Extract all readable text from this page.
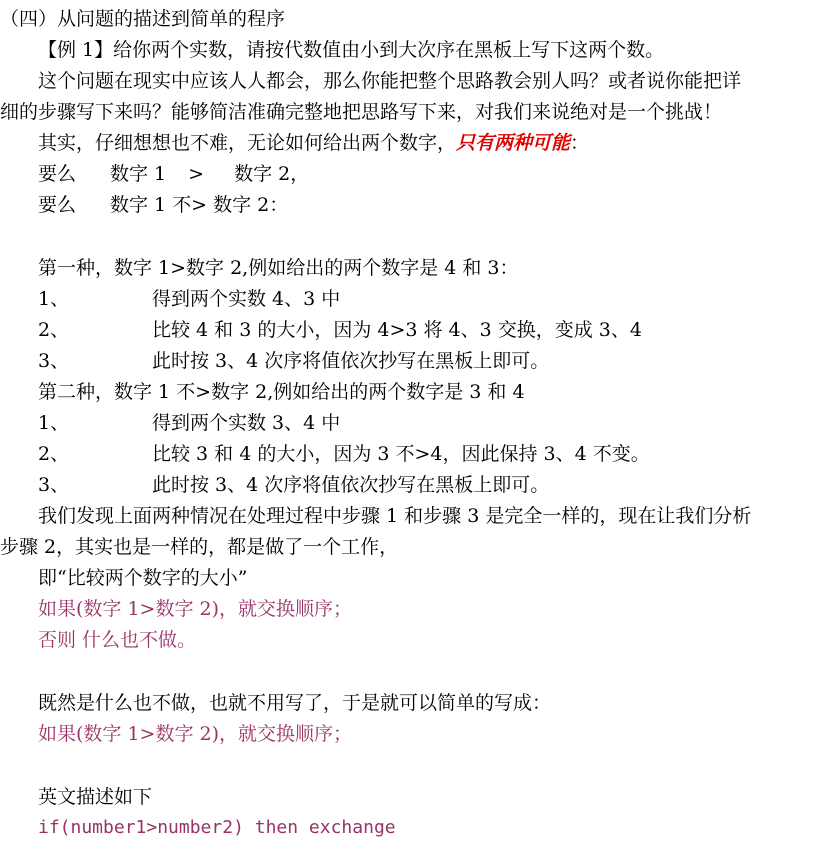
（四）从问题的描述到简单的程序
【例 1】给你两个实数，请按代数值由小到大次序在黑板上写下这两个数。
这个问题在现实中应该人人都会，那么你能把整个思路教会别人吗？或者说你能把详
细的步骤写下来吗？能够简洁准确完整地把思路写下来，对我们来说绝对是一个挑战！
其实，仔细想想也不难，无论如何给出两个数字，只有两种可能：
要么 数字 1 > 数字 2，
要么 数字 1 不> 数字 2：
第一种，数字 1>数字 2,例如给出的两个数字是 4 和 3：
1、	得到两个实数 4、3 中
2、	比较 4 和 3 的大小，因为 4>3 将 4、3 交换，变成 3、4
3、	此时按 3、4 次序将值依次抄写在黑板上即可。
第二种，数字 1 不>数字 2,例如给出的两个数字是 3 和 4
1、	得到两个实数 3、4 中
2、	比较 3 和 4 的大小，因为 3 不>4，因此保持 3、4 不变。
3、	此时按 3、4 次序将值依次抄写在黑板上即可。
我们发现上面两种情况在处理过程中步骤 1 和步骤 3 是完全一样的，现在让我们分析
步骤 2，其实也是一样的，都是做了一个工作，
即“比较两个数字的大小”
如果(数字 1>数字 2)，就交换顺序；
否则 什么也不做。
既然是什么也不做，也就不用写了，于是就可以简单的写成：
如果(数字 1>数字 2)，就交换顺序；
英文描述如下
if(number1>number2) then exchange
